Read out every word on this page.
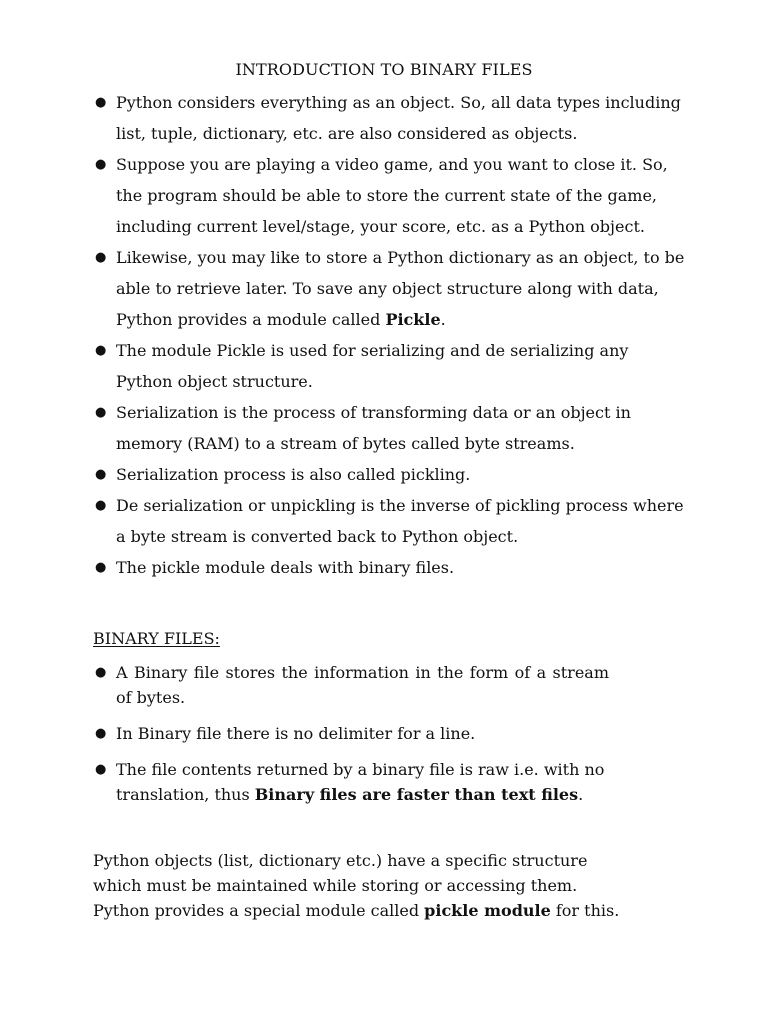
INTRODUCTION TO BINARY FILES
● Python considers everything as an object. So, all data types including list, tuple, dictionary, etc. are also considered as objects.
● Suppose you are playing a video game, and you want to close it. So, the program should be able to store the current state of the game, including current level/stage, your score, etc. as a Python object.
● Likewise, you may like to store a Python dictionary as an object, to be able to retrieve later. To save any object structure along with data, Python provides a module called Pickle.
● The module Pickle is used for serializing and de serializing any Python object structure.
● Serialization is the process of transforming data or an object in memory (RAM) to a stream of bytes called byte streams.
● Serialization process is also called pickling.
● De serialization or unpickling is the inverse of pickling process where a byte stream is converted back to Python object.
● The pickle module deals with binary files.
BINARY FILES:
● A Binary file stores the information in the form of a stream of bytes.
● In Binary file there is no delimiter for a line.
● The file contents returned by a binary file is raw i.e. with no translation, thus Binary files are faster than text files.
Python objects (list, dictionary etc.) have a specific structure
which must be maintained while storing or accessing them.
Python provides a special module called pickle module for this.
